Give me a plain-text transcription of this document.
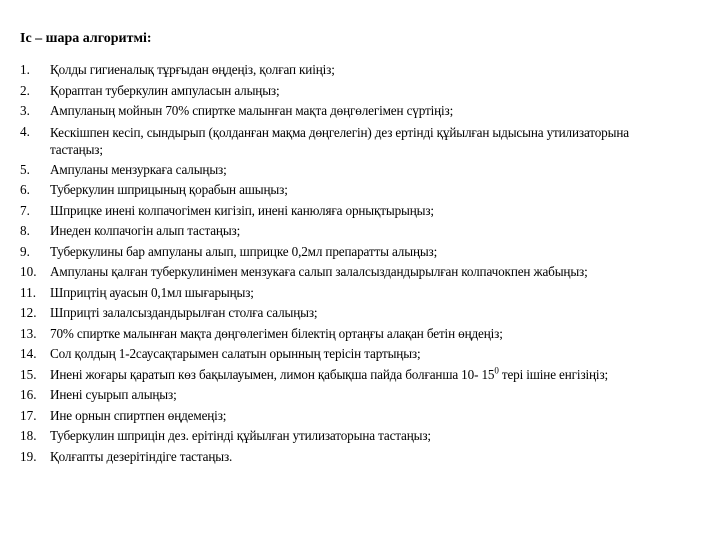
Іс – шара алгоритмі:
1.	Қолды гигиеналық тұрғыдан өңдеңіз, қолғап киіңіз;
2.	Қораптан туберкулин ампуласын алыңыз;
3.	Ампуланың мойнын 70% спиртке малынған мақта дөңгөлегімен сүртіңіз;
4.	Кескішпен кесіп, сындырып (қолданған мақма дөңгелегін) дез ертінді құйылған ыдысына утилизаторына тастаңыз;
5.	Ампуланы мензуркаға салыңыз;
6.	Туберкулин шприцының қорабын ашыңыз;
7.	Шприцке инені колпачогімен кигізіп, инені канюляға орнықтырыңыз;
8.	Инеден колпачогін алып тастаңыз;
9.	Туберкулины бар ампуланы алып, шприцке 0,2мл препаратты алыңыз;
10.	Ампуланы қалған туберкулинімен мензукаға салып залалсыздандырылған колпачокпен жабыңыз;
11.	Шприцтің ауасын 0,1мл шығарыңыз;
12.	Шприцті залалсыздандырылған столға салыңыз;
13.	70% спиртке малынған мақта дөңгөлегімен білектің ортаңғы алақан бетін өңдеңіз;
14.	Сол қолдың 1-2саусақтарымен салатын орынның терісін тартыңыз;
15.	Инені жоғары қаратып көз бақылауымен, лимон қабықша пайда болғанша 10- $15^0$ тері ішіне енгізіңіз;
16.	Инені суырып алыңыз;
17.	Ине орнын спиртпен өңдемеңіз;
18.	Туберкулин шприцін дез. ерітінді құйылған утилизаторына тастаңыз;
19.	Қолғапты дезерітіндіге тастаңыз.
